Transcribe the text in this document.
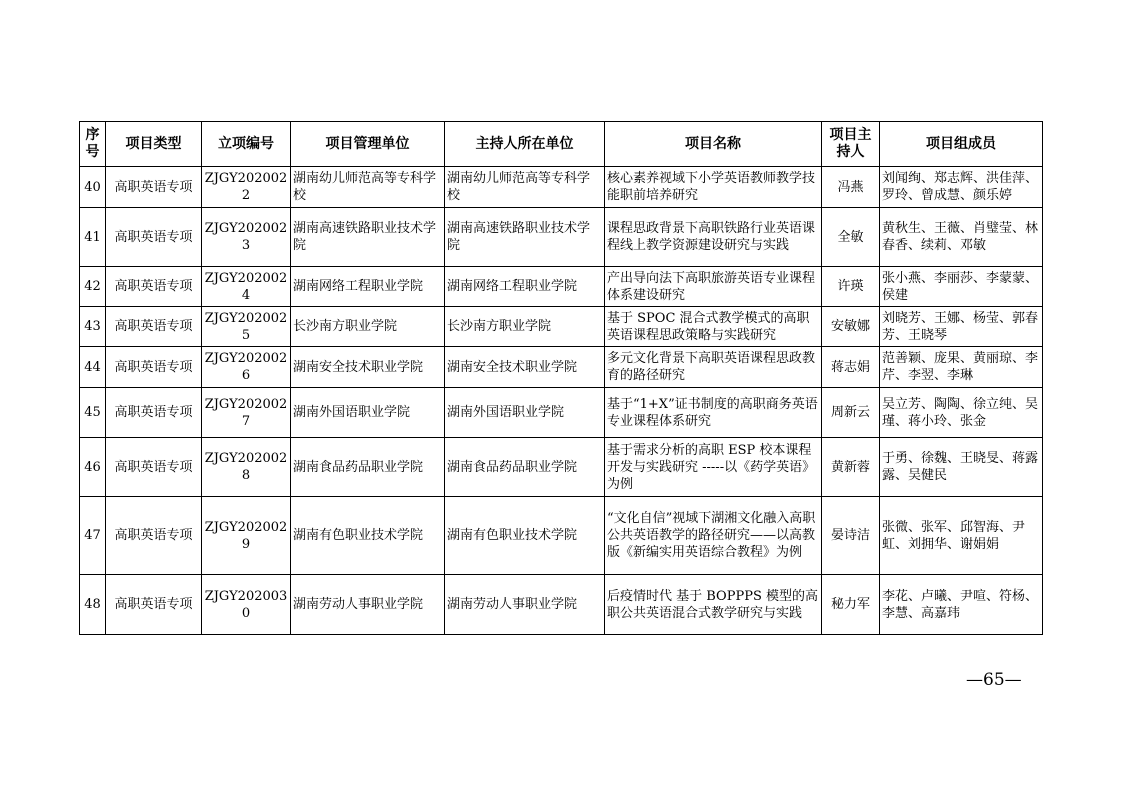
序号	项目类型	立项编号	项目管理单位	主持人所在单位	项目名称	项目主持人	项目组成员
40	高职英语专项	ZJGY2020022	湖南幼儿师范高等专科学校	湖南幼儿师范高等专科学校	核心素养视域下小学英语教师教学技能职前培养研究	冯燕	刘闻绚、郑志辉、洪佳萍、罗玲、曾成慧、颜乐婷
41	高职英语专项	ZJGY2020023	湖南高速铁路职业技术学院	湖南高速铁路职业技术学院	课程思政背景下高职铁路行业英语课程线上教学资源建设研究与实践	全敏	黄秋生、王薇、肖璧莹、林春香、续莉、邓敏
42	高职英语专项	ZJGY2020024	湖南网络工程职业学院	湖南网络工程职业学院	产出导向法下高职旅游英语专业课程体系建设研究	许瑛	张小燕、李丽莎、李蒙蒙、侯建
43	高职英语专项	ZJGY2020025	长沙南方职业学院	长沙南方职业学院	基于 SPOC 混合式教学模式的高职英语课程思政策略与实践研究	安敏娜	刘晓芳、王娜、杨莹、郭春芳、王晓琴
44	高职英语专项	ZJGY2020026	湖南安全技术职业学院	湖南安全技术职业学院	多元文化背景下高职英语课程思政教育的路径研究	蒋志娟	范善颖、庞果、黄丽琼、李芹、李翌、李琳
45	高职英语专项	ZJGY2020027	湖南外国语职业学院	湖南外国语职业学院	基于“1+X”证书制度的高职商务英语专业课程体系研究	周新云	吴立芳、陶陶、徐立纯、吴瑾、蒋小玲、张金
46	高职英语专项	ZJGY2020028	湖南食品药品职业学院	湖南食品药品职业学院	基于需求分析的高职 ESP 校本课程开发与实践研究 -----以《药学英语》为例	黄新蓉	于勇、徐魏、王晓旻、蒋露露、吴健民
47	高职英语专项	ZJGY2020029	湖南有色职业技术学院	湖南有色职业技术学院	“文化自信”视域下湖湘文化融入高职公共英语教学的路径研究——以高教版《新编实用英语综合教程》为例	晏诗洁	张微、张军、邱智海、尹虹、刘拥华、谢娟娟
48	高职英语专项	ZJGY2020030	湖南劳动人事职业学院	湖南劳动人事职业学院	后疫情时代 基于 BOPPPS 模型的高职公共英语混合式教学研究与实践	秘力军	李花、卢曦、尹喧、符杨、李慧、高嘉玮
—65—
